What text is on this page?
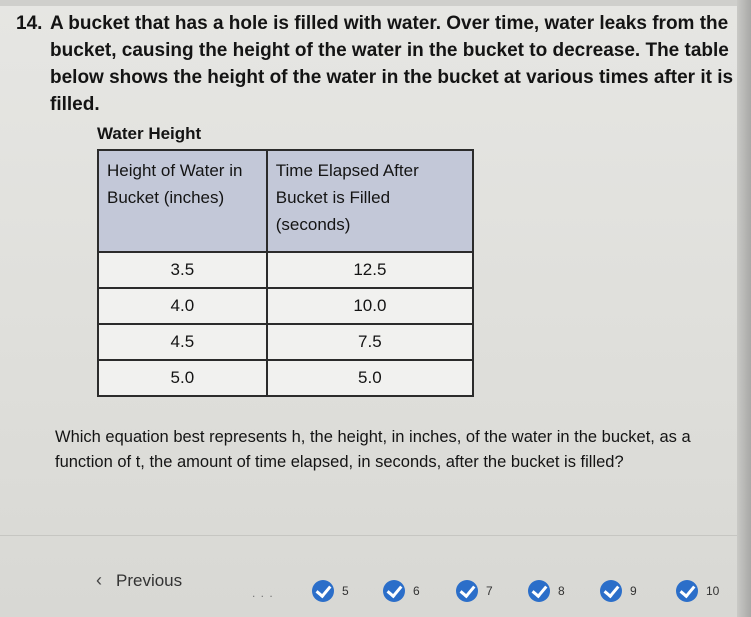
14. A bucket that has a hole is filled with water. Over time, water leaks from the bucket, causing the height of the water in the bucket to decrease. The table below shows the height of the water in the bucket at various times after it is filled.
Water Height
Height of Water in Bucket (inches)	Time Elapsed After Bucket is Filled (seconds)
3.5	12.5
4.0	10.0
4.5	7.5
5.0	5.0
Which equation best represents h, the height, in inches, of the water in the bucket, as a function of t, the amount of time elapsed, in seconds, after the bucket is filled?
‹ Previous
. . .	5	6	7	8	9	10
